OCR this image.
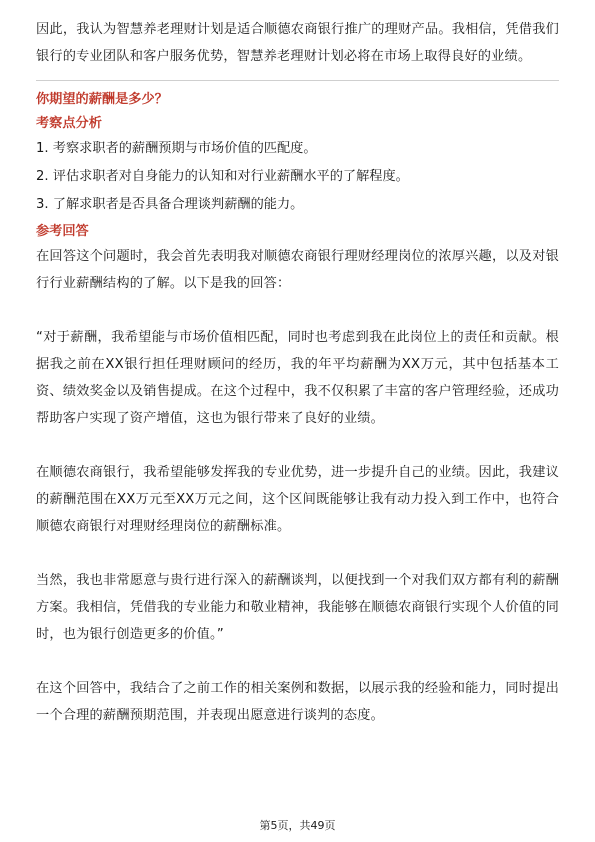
因此，我认为智慧养老理财计划是适合顺德农商银行推广的理财产品。我相信，凭借我们银行的专业团队和客户服务优势，智慧养老理财计划必将在市场上取得良好的业绩。

你期望的薪酬是多少？

考察点分析

1. 考察求职者的薪酬预期与市场价值的匹配度。

2. 评估求职者对自身能力的认知和对行业薪酬水平的了解程度。

3. 了解求职者是否具备合理谈判薪酬的能力。

参考回答

在回答这个问题时，我会首先表明我对顺德农商银行理财经理岗位的浓厚兴趣，以及对银行行业薪酬结构的了解。以下是我的回答：

“对于薪酬，我希望能与市场价值相匹配，同时也考虑到我在此岗位上的责任和贡献。根据我之前在XX银行担任理财顾问的经历，我的年平均薪酬为XX万元，其中包括基本工资、绩效奖金以及销售提成。在这个过程中，我不仅积累了丰富的客户管理经验，还成功帮助客户实现了资产增值，这也为银行带来了良好的业绩。

在顺德农商银行，我希望能够发挥我的专业优势，进一步提升自己的业绩。因此，我建议的薪酬范围在XX万元至XX万元之间，这个区间既能够让我有动力投入到工作中，也符合顺德农商银行对理财经理岗位的薪酬标准。

当然，我也非常愿意与贵行进行深入的薪酬谈判，以便找到一个对我们双方都有利的薪酬方案。我相信，凭借我的专业能力和敬业精神，我能够在顺德农商银行实现个人价值的同时，也为银行创造更多的价值。”

在这个回答中，我结合了之前工作的相关案例和数据，以展示我的经验和能力，同时提出一个合理的薪酬预期范围，并表现出愿意进行谈判的态度。

第5页，共49页
